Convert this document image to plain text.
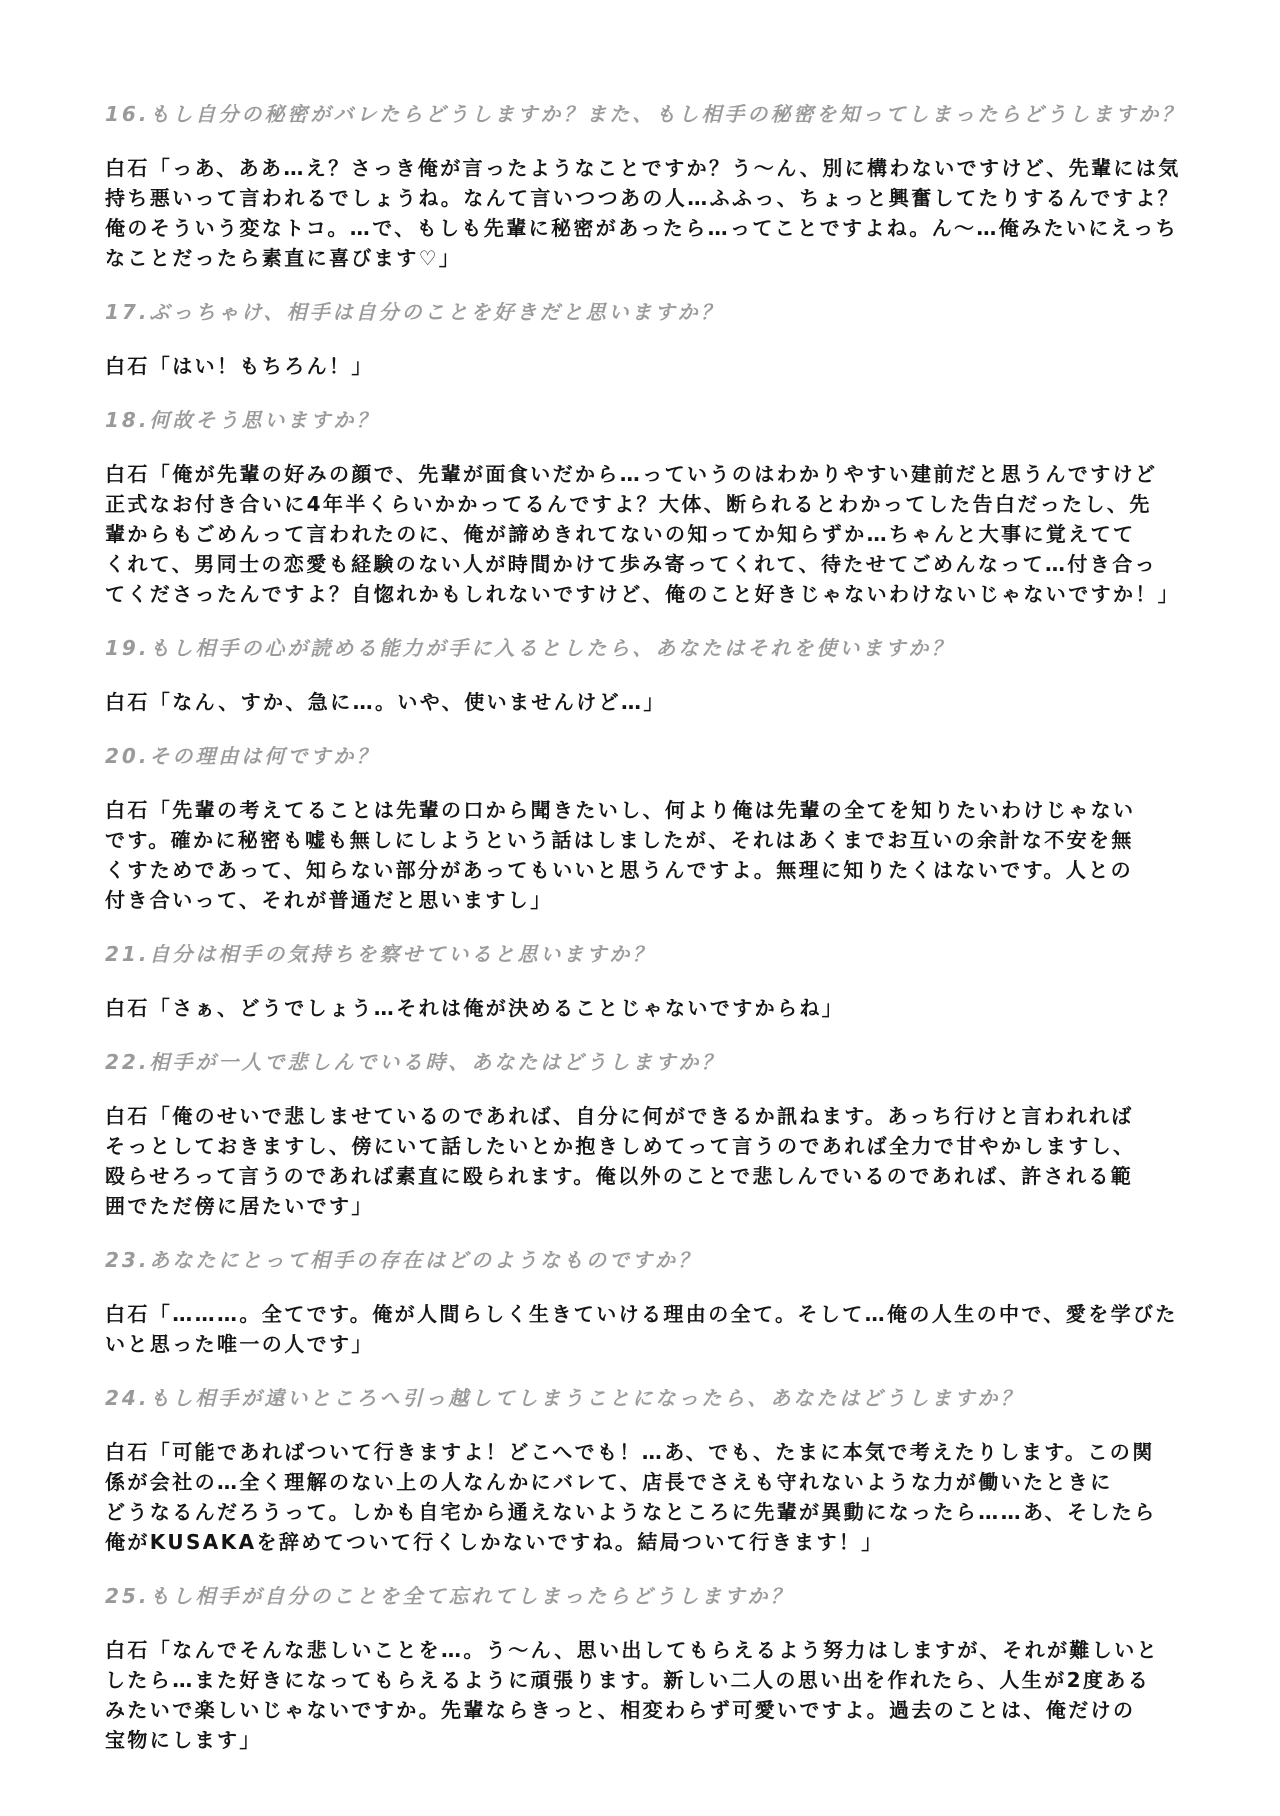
16.もし自分の秘密がバレたらどうしますか？また、もし相手の秘密を知ってしまったらどうしますか？

白石「っあ、ああ…え？さっき俺が言ったようなことですか？う～ん、別に構わないですけど、先輩には気
持ち悪いって言われるでしょうね。なんて言いつつあの人…ふふっ、ちょっと興奮してたりするんですよ？
俺のそういう変なトコ。…で、もしも先輩に秘密があったら…ってことですよね。ん～…俺みたいにえっち
なことだったら素直に喜びます♡」

17.ぶっちゃけ、相手は自分のことを好きだと思いますか？

白石「はい！もちろん！」

18.何故そう思いますか？

白石「俺が先輩の好みの顔で、先輩が面食いだから…っていうのはわかりやすい建前だと思うんですけど
正式なお付き合いに4年半くらいかかってるんですよ？大体、断られるとわかってした告白だったし、先
輩からもごめんって言われたのに、俺が諦めきれてないの知ってか知らずか…ちゃんと大事に覚えてて
くれて、男同士の恋愛も経験のない人が時間かけて歩み寄ってくれて、待たせてごめんなって…付き合っ
てくださったんですよ？自惚れかもしれないですけど、俺のこと好きじゃないわけないじゃないですか！」

19.もし相手の心が読める能力が手に入るとしたら、あなたはそれを使いますか？

白石「なん、すか、急に…。いや、使いませんけど…」

20.その理由は何ですか？

白石「先輩の考えてることは先輩の口から聞きたいし、何より俺は先輩の全てを知りたいわけじゃない
です。確かに秘密も嘘も無しにしようという話はしましたが、それはあくまでお互いの余計な不安を無
くすためであって、知らない部分があってもいいと思うんですよ。無理に知りたくはないです。人との
付き合いって、それが普通だと思いますし」

21.自分は相手の気持ちを察せていると思いますか？

白石「さぁ、どうでしょう…それは俺が決めることじゃないですからね」

22.相手が一人で悲しんでいる時、あなたはどうしますか？

白石「俺のせいで悲しませているのであれば、自分に何ができるか訊ねます。あっち行けと言われれば
そっとしておきますし、傍にいて話したいとか抱きしめてって言うのであれば全力で甘やかしますし、
殴らせろって言うのであれば素直に殴られます。俺以外のことで悲しんでいるのであれば、許される範
囲でただ傍に居たいです」

23.あなたにとって相手の存在はどのようなものですか？

白石「………。全てです。俺が人間らしく生きていける理由の全て。そして…俺の人生の中で、愛を学びた
いと思った唯一の人です」

24.もし相手が遠いところへ引っ越してしまうことになったら、あなたはどうしますか？

白石「可能であればついて行きますよ！どこへでも！…あ、でも、たまに本気で考えたりします。この関
係が会社の…全く理解のない上の人なんかにバレて、店長でさえも守れないような力が働いたときに
どうなるんだろうって。しかも自宅から通えないようなところに先輩が異動になったら……あ、そしたら
俺がKUSAKAを辞めてついて行くしかないですね。結局ついて行きます！」

25.もし相手が自分のことを全て忘れてしまったらどうしますか？

白石「なんでそんな悲しいことを…。う～ん、思い出してもらえるよう努力はしますが、それが難しいと
したら…また好きになってもらえるように頑張ります。新しい二人の思い出を作れたら、人生が2度ある
みたいで楽しいじゃないですか。先輩ならきっと、相変わらず可愛いですよ。過去のことは、俺だけの
宝物にします」
